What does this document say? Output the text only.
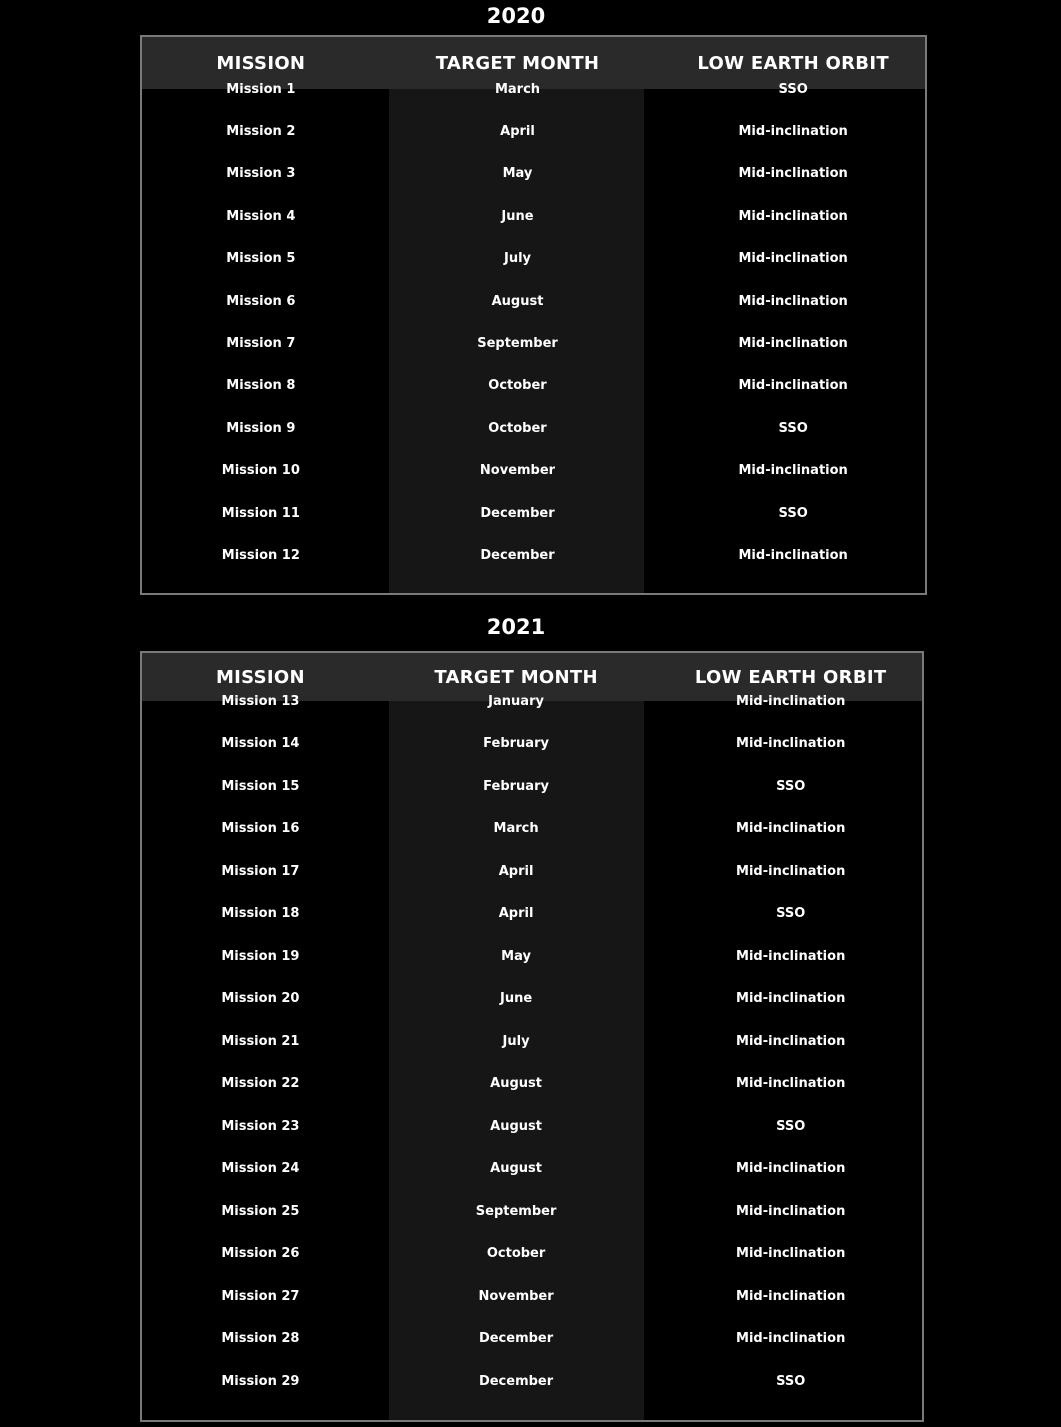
2020
MISSION	TARGET MONTH	LOW EARTH ORBIT
Mission 1	March	SSO
Mission 2	April	Mid-inclination
Mission 3	May	Mid-inclination
Mission 4	June	Mid-inclination
Mission 5	July	Mid-inclination
Mission 6	August	Mid-inclination
Mission 7	September	Mid-inclination
Mission 8	October	Mid-inclination
Mission 9	October	SSO
Mission 10	November	Mid-inclination
Mission 11	December	SSO
Mission 12	December	Mid-inclination
2021
MISSION	TARGET MONTH	LOW EARTH ORBIT
Mission 13	January	Mid-inclination
Mission 14	February	Mid-inclination
Mission 15	February	SSO
Mission 16	March	Mid-inclination
Mission 17	April	Mid-inclination
Mission 18	April	SSO
Mission 19	May	Mid-inclination
Mission 20	June	Mid-inclination
Mission 21	July	Mid-inclination
Mission 22	August	Mid-inclination
Mission 23	August	SSO
Mission 24	August	Mid-inclination
Mission 25	September	Mid-inclination
Mission 26	October	Mid-inclination
Mission 27	November	Mid-inclination
Mission 28	December	Mid-inclination
Mission 29	December	SSO
